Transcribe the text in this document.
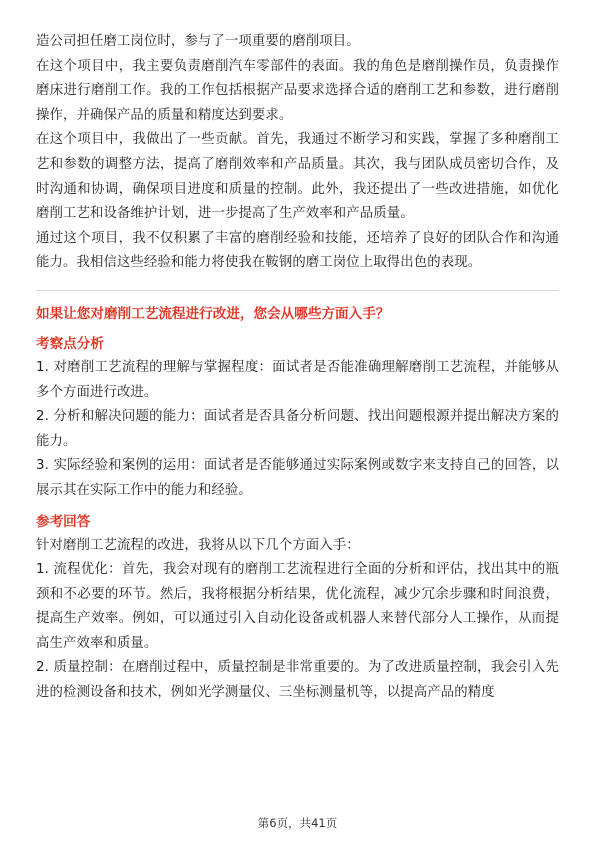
造公司担任磨工岗位时，参与了一项重要的磨削项目。

在这个项目中，我主要负责磨削汽车零部件的表面。我的角色是磨削操作员，负责操作磨床进行磨削工作。我的工作包括根据产品要求选择合适的磨削工艺和参数，进行磨削操作，并确保产品的质量和精度达到要求。

在这个项目中，我做出了一些贡献。首先，我通过不断学习和实践，掌握了多种磨削工艺和参数的调整方法，提高了磨削效率和产品质量。其次，我与团队成员密切合作，及时沟通和协调，确保项目进度和质量的控制。此外，我还提出了一些改进措施，如优化磨削工艺和设备维护计划，进一步提高了生产效率和产品质量。

通过这个项目，我不仅积累了丰富的磨削经验和技能，还培养了良好的团队合作和沟通能力。我相信这些经验和能力将使我在鞍钢的磨工岗位上取得出色的表现。

如果让您对磨削工艺流程进行改进，您会从哪些方面入手？

考察点分析

1. 对磨削工艺流程的理解与掌握程度：面试者是否能准确理解磨削工艺流程，并能够从多个方面进行改进。

2. 分析和解决问题的能力：面试者是否具备分析问题、找出问题根源并提出解决方案的能力。

3. 实际经验和案例的运用：面试者是否能够通过实际案例或数字来支持自己的回答，以展示其在实际工作中的能力和经验。

参考回答

针对磨削工艺流程的改进，我将从以下几个方面入手：

1. 流程优化：首先，我会对现有的磨削工艺流程进行全面的分析和评估，找出其中的瓶颈和不必要的环节。然后，我将根据分析结果，优化流程，减少冗余步骤和时间浪费，提高生产效率。例如，可以通过引入自动化设备或机器人来替代部分人工操作，从而提高生产效率和质量。

2. 质量控制：在磨削过程中，质量控制是非常重要的。为了改进质量控制，我会引入先进的检测设备和技术，例如光学测量仪、三坐标测量机等，以提高产品的精度

第6页，共41页
